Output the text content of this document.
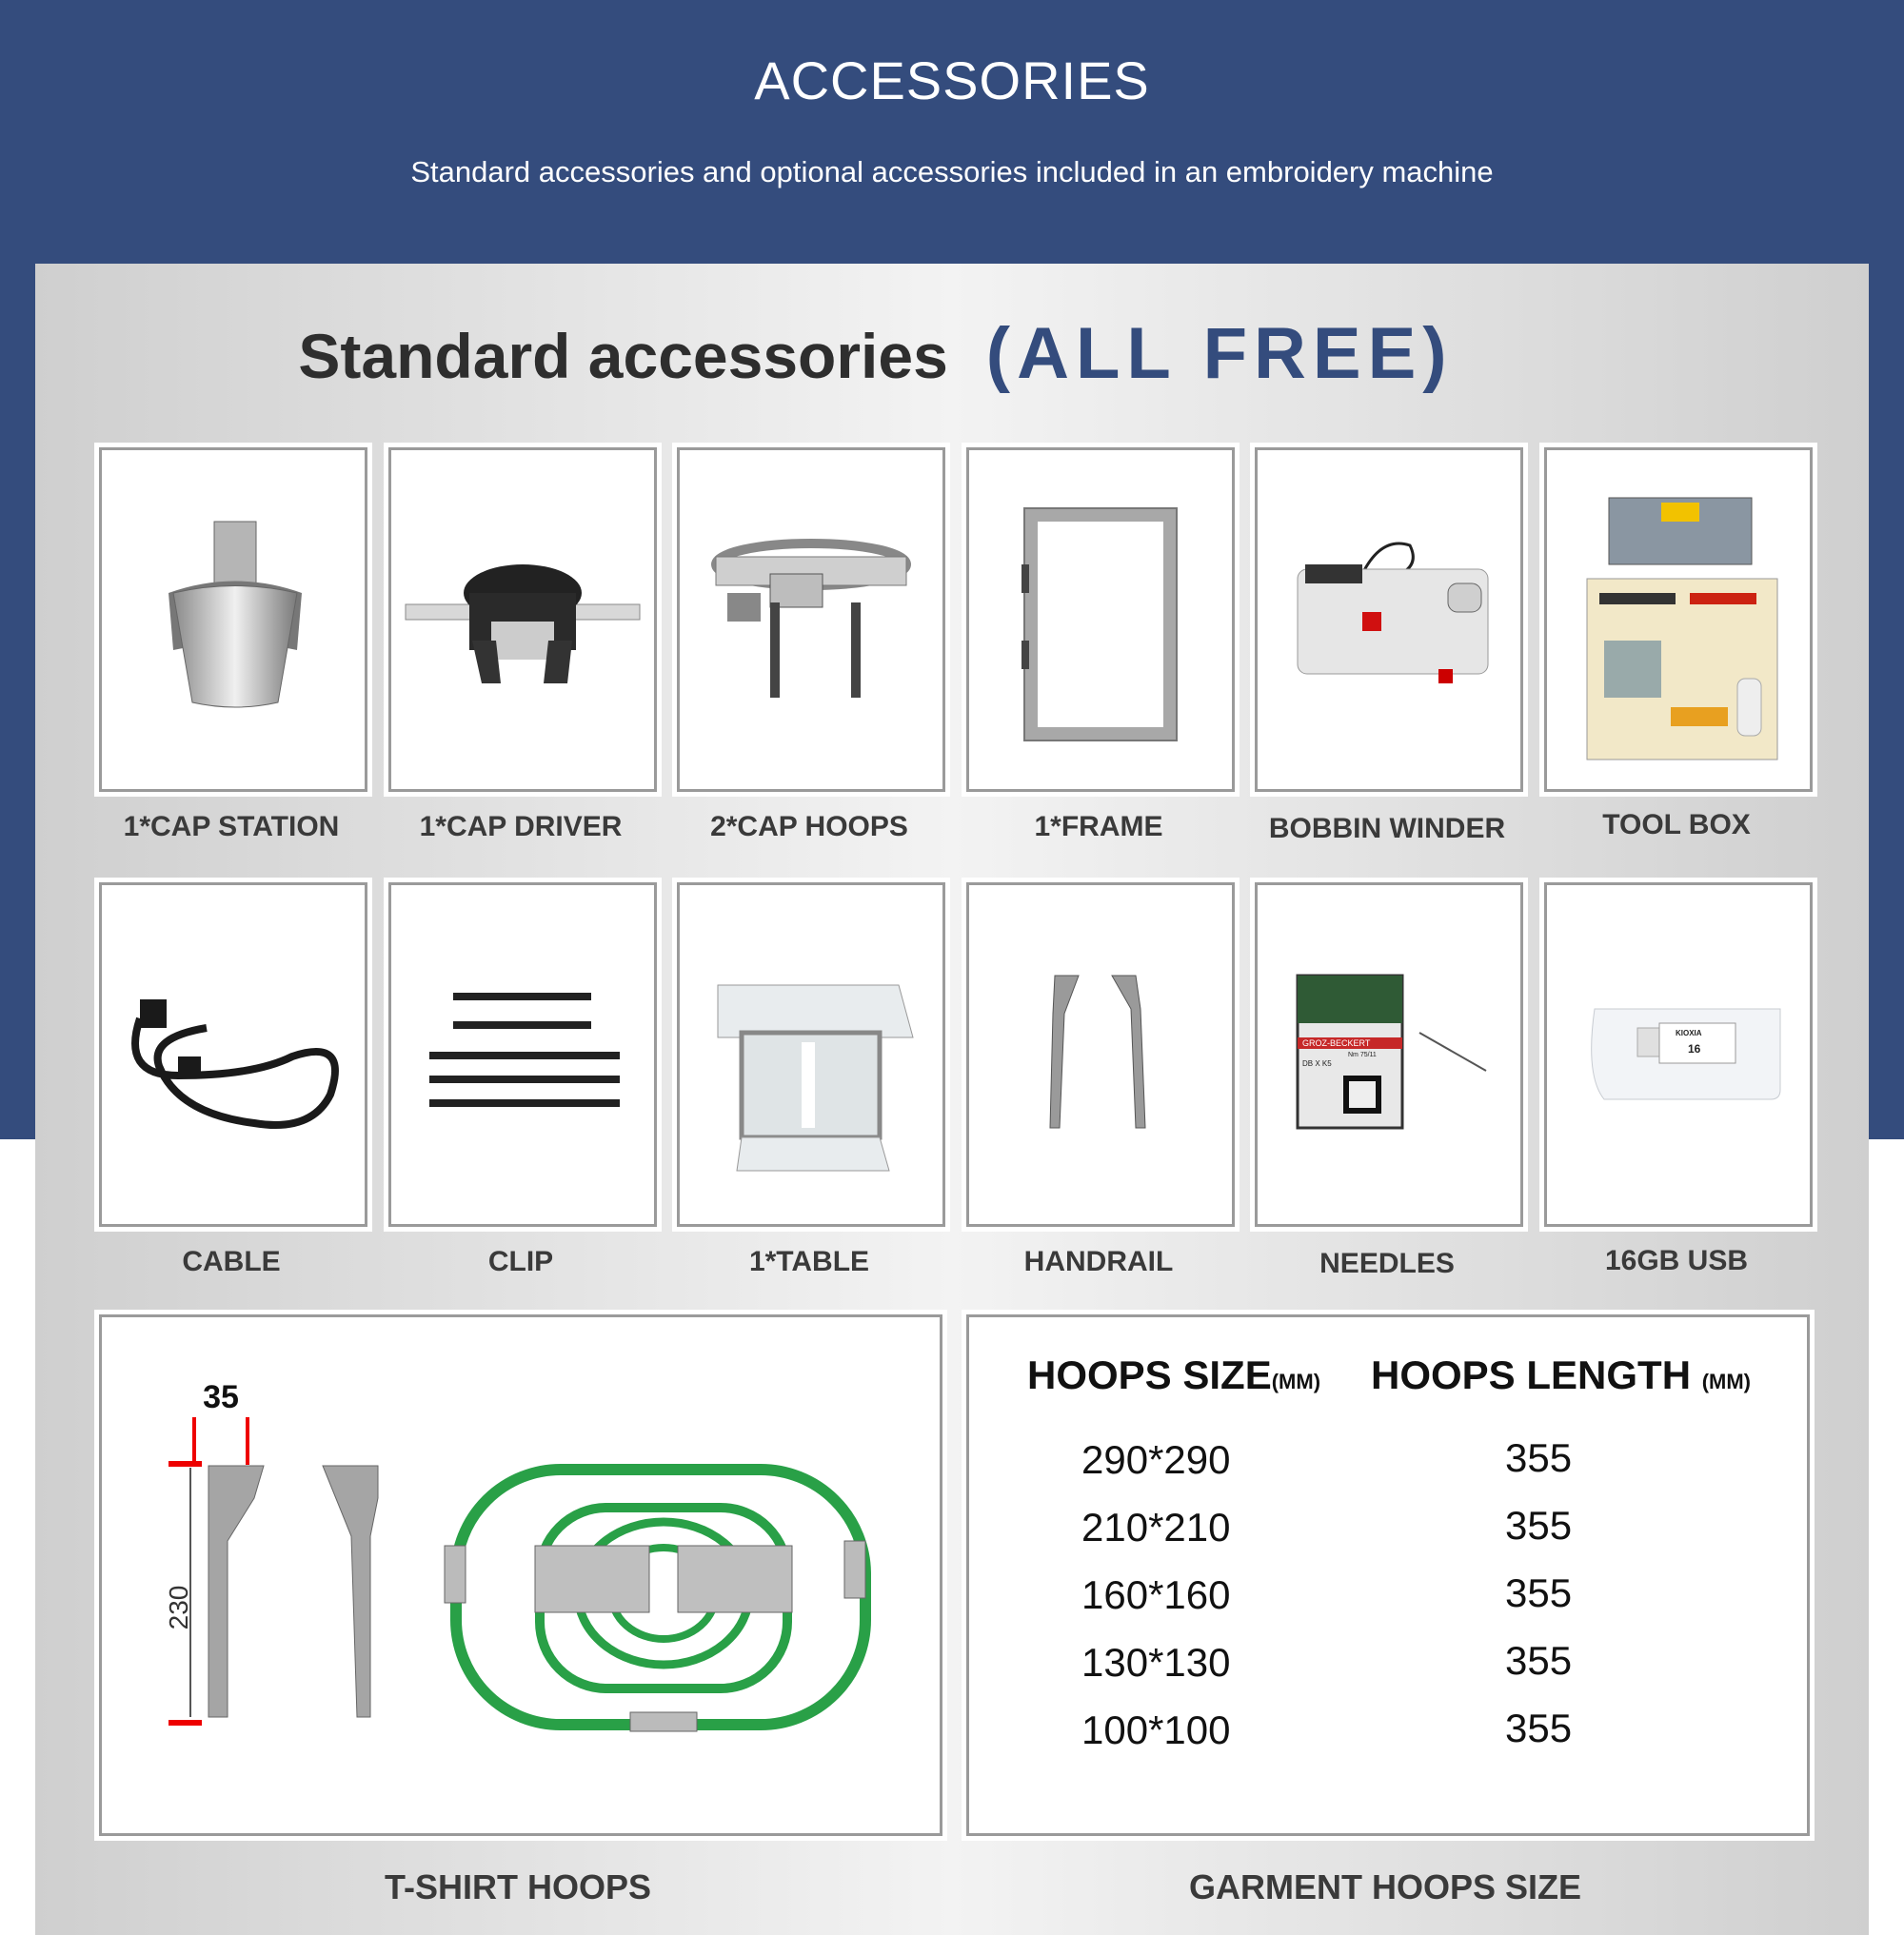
ACCESSORIES
Standard accessories and optional accessories included in an embroidery machine
Standard accessories (ALL FREE)
1*CAP STATION	1*CAP DRIVER	2*CAP HOOPS	1*FRAME	BOBBIN WINDER	TOOL BOX
CABLE	CLIP	1*TABLE	HANDRAIL
GROZ-BECKERT
DB X K5
Nm 75/11
NEEDLES
KIOXIA
16
16GB USB
35
230
T-SHIRT HOOPS
HOOPS SIZE(MM) HOOPS LENGTH (MM)
290*290	355
210*210	355
160*160	355
130*130	355
100*100	355
GARMENT HOOPS SIZE
